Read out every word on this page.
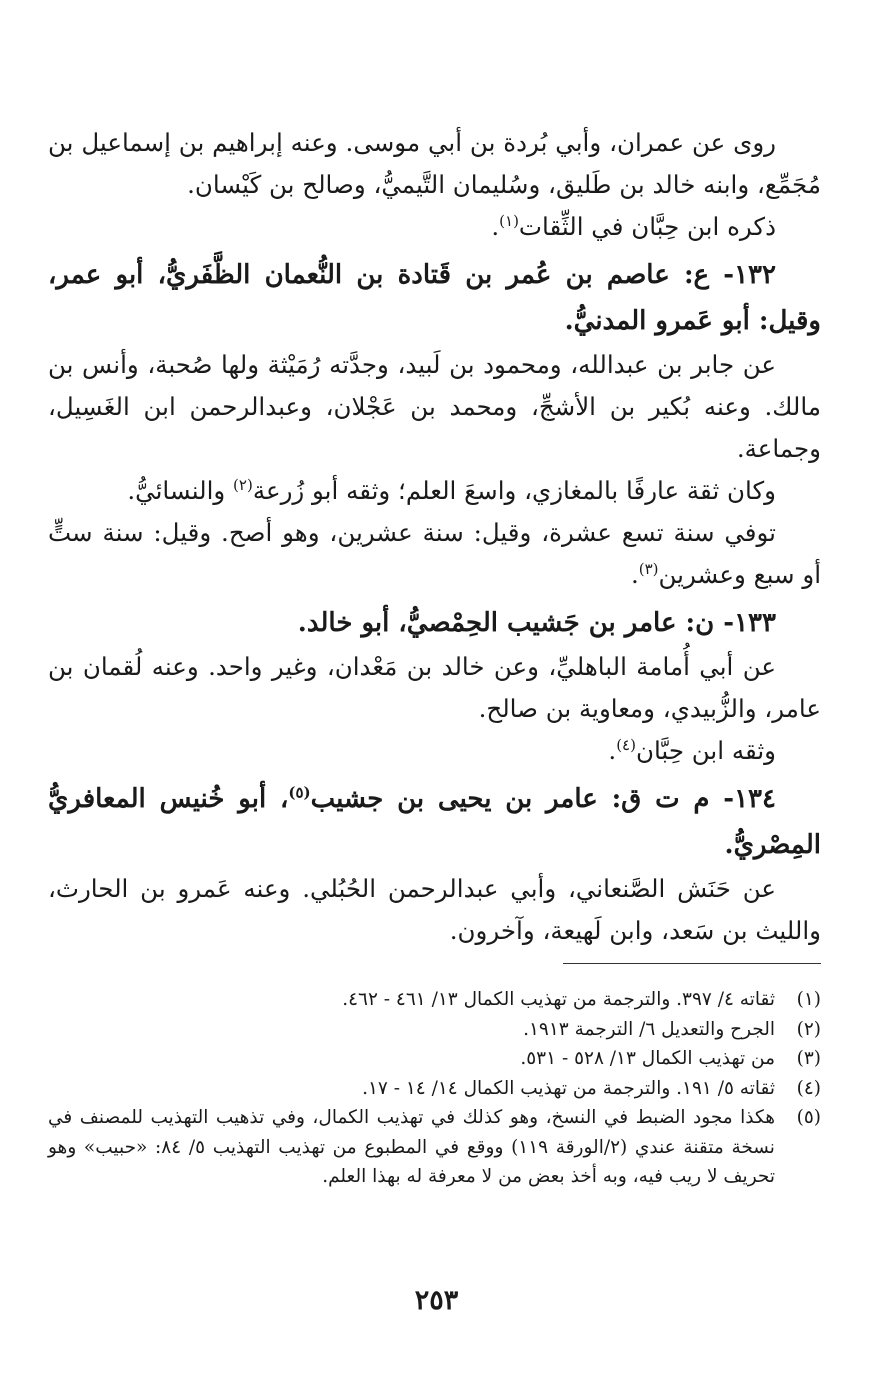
روى عن عمران، وأبي بُردة بن أبي موسى. وعنه إبراهيم بن إسماعيل بن مُجَمِّع، وابنه خالد بن طَليق، وسُليمان التَّيميُّ، وصالح بن كَيْسان.

ذكره ابن حِبَّان في الثِّقات$^{(١)}$.

١٣٢- ع: عاصم بن عُمر بن قَتادة بن النُّعمان الظَّفَريُّ، أبو عمر، وقيل: أبو عَمرو المدنيُّ.

عن جابر بن عبدالله، ومحمود بن لَبيد، وجدَّته رُمَيْثة ولها صُحبة، وأنس بن مالك. وعنه بُكير بن الأشجِّ، ومحمد بن عَجْلان، وعبدالرحمن ابن الغَسِيل، وجماعة.

وكان ثقة عارفًا بالمغازي، واسعَ العلم؛ وثقه أبو زُرعة$^{(٢)}$ والنسائيُّ.

توفي سنة تسع عشرة، وقيل: سنة عشرين، وهو أصح. وقيل: سنة ستٍّ أو سبع وعشرين$^{(٣)}$.

١٣٣- ن: عامر بن جَشيب الحِمْصيُّ، أبو خالد.

عن أبي أُمامة الباهليِّ، وعن خالد بن مَعْدان، وغير واحد. وعنه لُقمان بن عامر، والزُّبيدي، ومعاوية بن صالح.

وثقه ابن حِبَّان$^{(٤)}$.

١٣٤- م ت ق: عامر بن يحيى بن جشيب$^{(٥)}$، أبو خُنيس المعافريُّ المِصْريُّ.

عن حَنَش الصَّنعاني، وأبي عبدالرحمن الحُبُلي. وعنه عَمرو بن الحارث، والليث بن سَعد، وابن لَهيعة، وآخرون.

(١)
ثقاته ٤/ ٣٩٧. والترجمة من تهذيب الكمال ١٣/ ٤٦١ - ٤٦٢.
(٢)
الجرح والتعديل ٦/ الترجمة ١٩١٣.
(٣)
من تهذيب الكمال ١٣/ ٥٢٨ - ٥٣١.
(٤)
ثقاته ٥/ ١٩١. والترجمة من تهذيب الكمال ١٤/ ١٤ - ١٧.
(٥)
هكذا مجود الضبط في النسخ، وهو كذلك في تهذيب الكمال، وفي تذهيب التهذيب للمصنف في نسخة متقنة عندي (٢/الورقة ١١٩) ووقع في المطبوع من تهذيب التهذيب ٥/ ٨٤: «حبيب» وهو تحريف لا ريب فيه، وبه أخذ بعض من لا معرفة له بهذا العلم.
٢٥٣
